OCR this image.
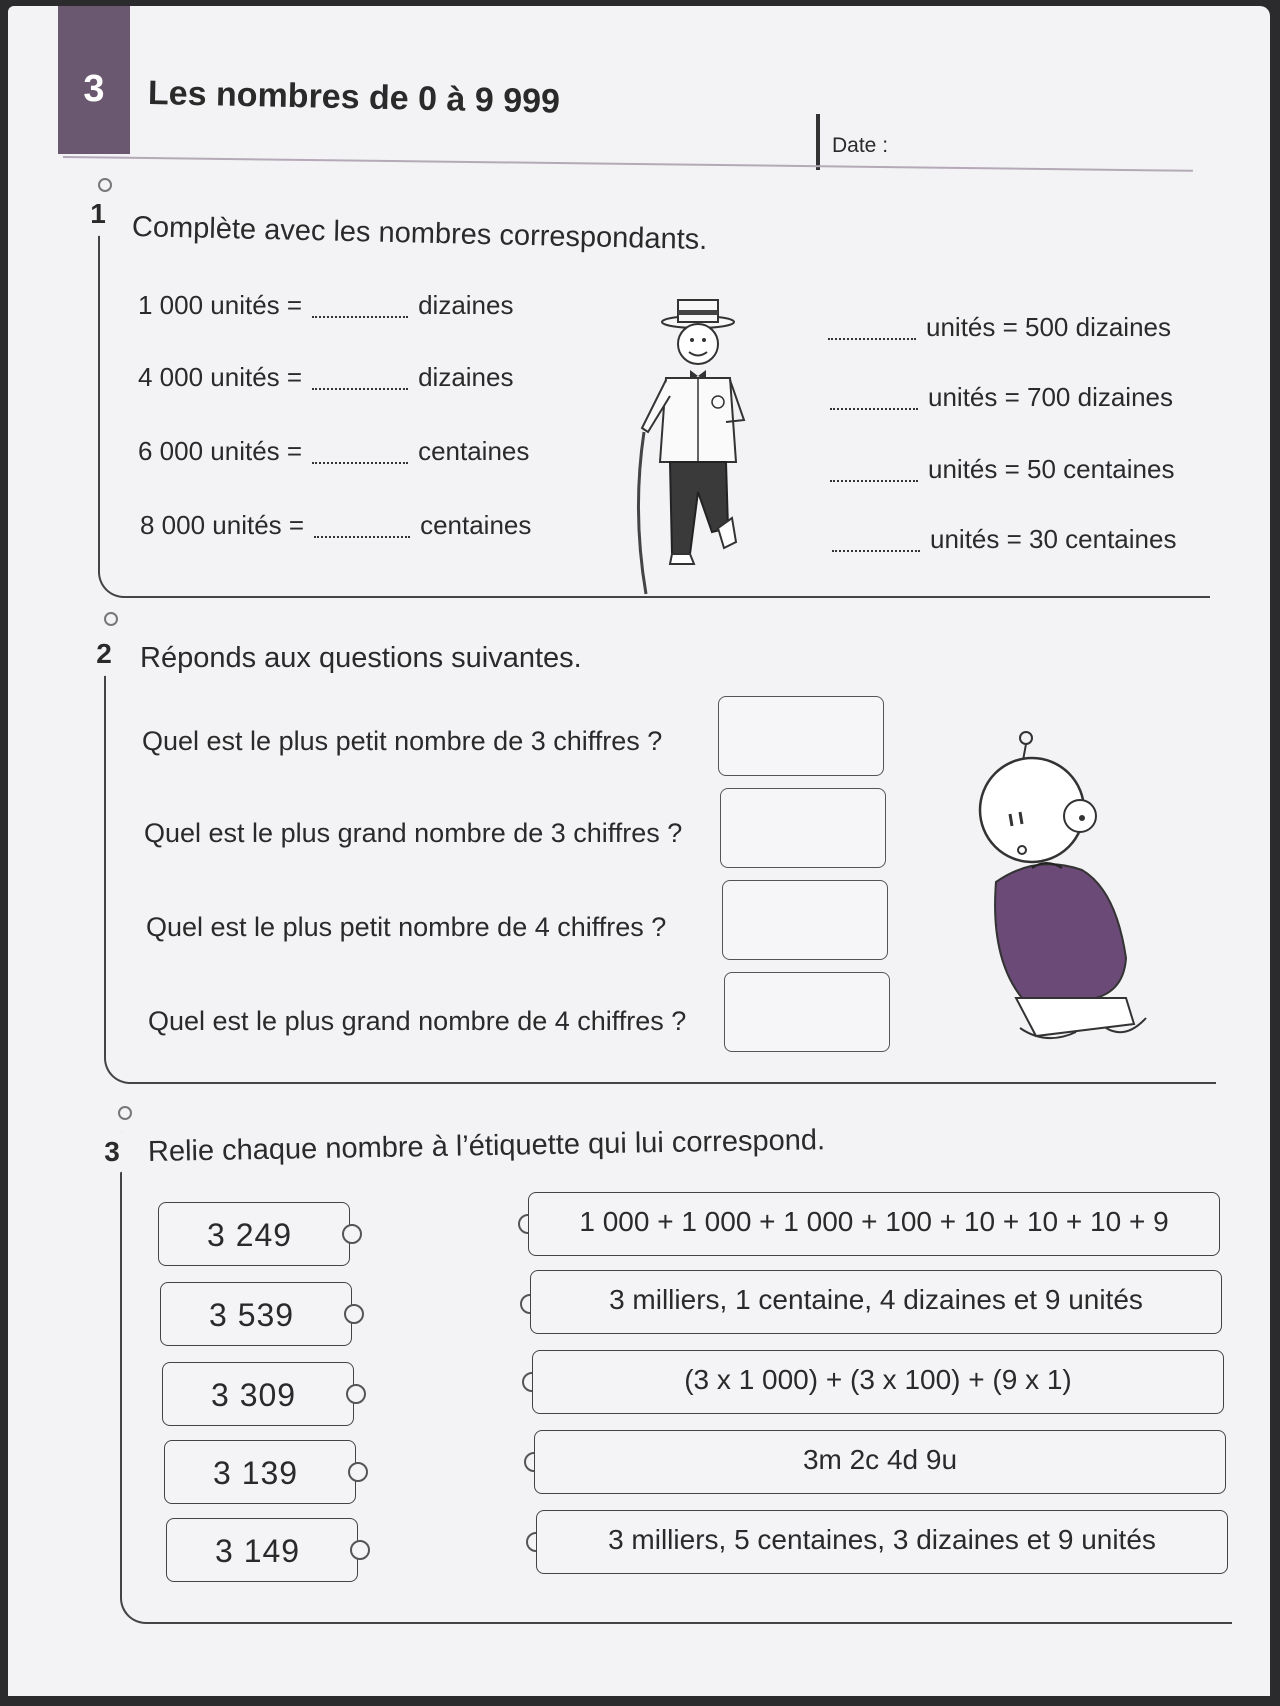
3	Les nombres de 0 à 9 999
Date :
1 Complète avec les nombres correspondants.
1 000 unités =	dizaines
4 000 unités =	dizaines
6 000 unités =	centaines
8 000 unités =	centaines
unités = 500 dizaines
unités = 700 dizaines
unités = 50 centaines
unités = 30 centaines
2 Réponds aux questions suivantes.
Quel est le plus petit nombre de 3 chiffres ?
Quel est le plus grand nombre de 3 chiffres ?
Quel est le plus petit nombre de 4 chiffres ?
Quel est le plus grand nombre de 4 chiffres ?
3 Relie chaque nombre à l’étiquette qui lui correspond.
3 249
3 539
3 309
3 139
3 149
1 000 + 1 000 + 1 000 + 100 + 10 + 10 + 10 + 9
3 milliers, 1 centaine, 4 dizaines et 9 unités
(3 x 1 000) + (3 x 100) + (9 x 1)
3m 2c 4d 9u
3 milliers, 5 centaines, 3 dizaines et 9 unités
